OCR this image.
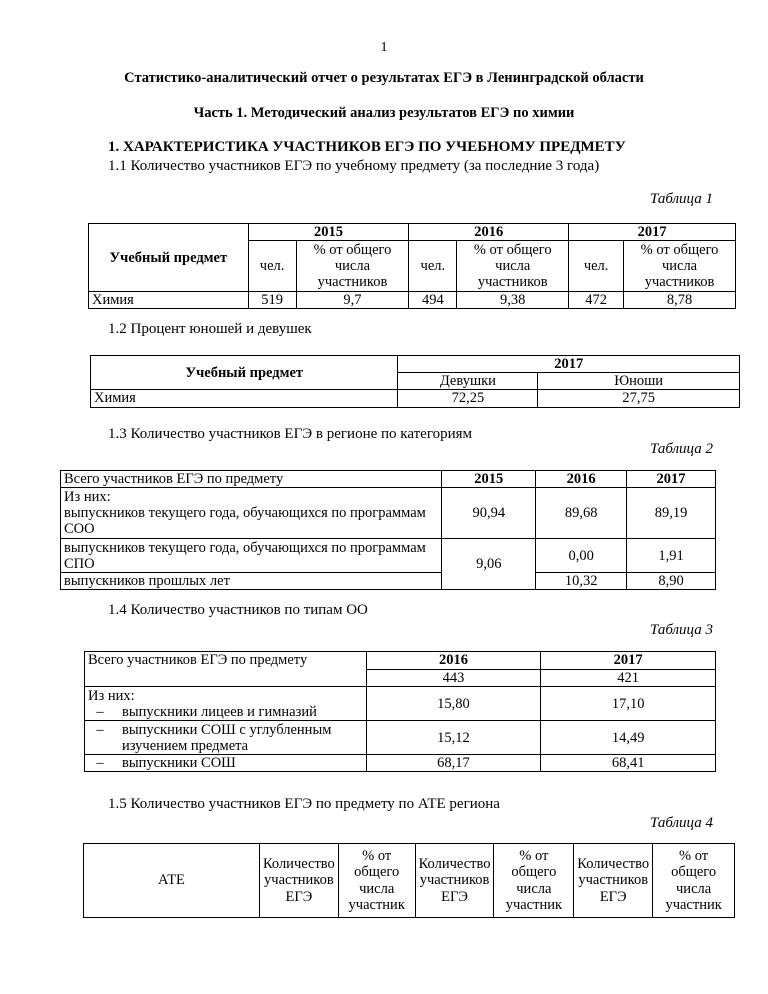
1
Статистико-аналитический отчет о результатах ЕГЭ в Ленинградской области
Часть 1. Методический анализ результатов ЕГЭ по химии
1. ХАРАКТЕРИСТИКА УЧАСТНИКОВ ЕГЭ ПО УЧЕБНОМУ ПРЕДМЕТУ
1.1 Количество участников ЕГЭ по учебному предмету (за последние 3 года)
Таблица 1
Учебный предмет	2015		2016		2017	
	чел.	% от общего числа участников	чел.	% от общего числа участников	чел.	% от общего числа участников
Химия	519	9,7	494	9,38	472	8,78
1.2 Процент юношей и девушек
Учебный предмет	2017	
	Девушки	Юноши
Химия	72,25	27,75
1.3 Количество участников ЕГЭ в регионе по категориям
Таблица 2
Всего участников ЕГЭ по предмету	2015	2016	2017
Из них:
выпускников текущего года, обучающихся по программам СОО	90,94	89,68	89,19
выпускников текущего года, обучающихся по программам СПО	9,06	0,00	1,91
выпускников прошлых лет		10,32	8,90
1.4 Количество участников по типам ОО
Таблица 3
Всего участников ЕГЭ по предмету	2016	2017
	443	421

Из них:
– выпускники лицеев и гимназий	15,80	17,10

– выпускники СОШ с углубленным изучением предмета	15,12	14,49

– выпускники СОШ	68,17	68,41
1.5 Количество участников ЕГЭ по предмету по АТЕ региона
Таблица 4
АТЕ	Количество участников ЕГЭ	% от общего числа участник	Количество участников ЕГЭ	% от общего числа участник	Количество участников ЕГЭ	% от общего числа участник
